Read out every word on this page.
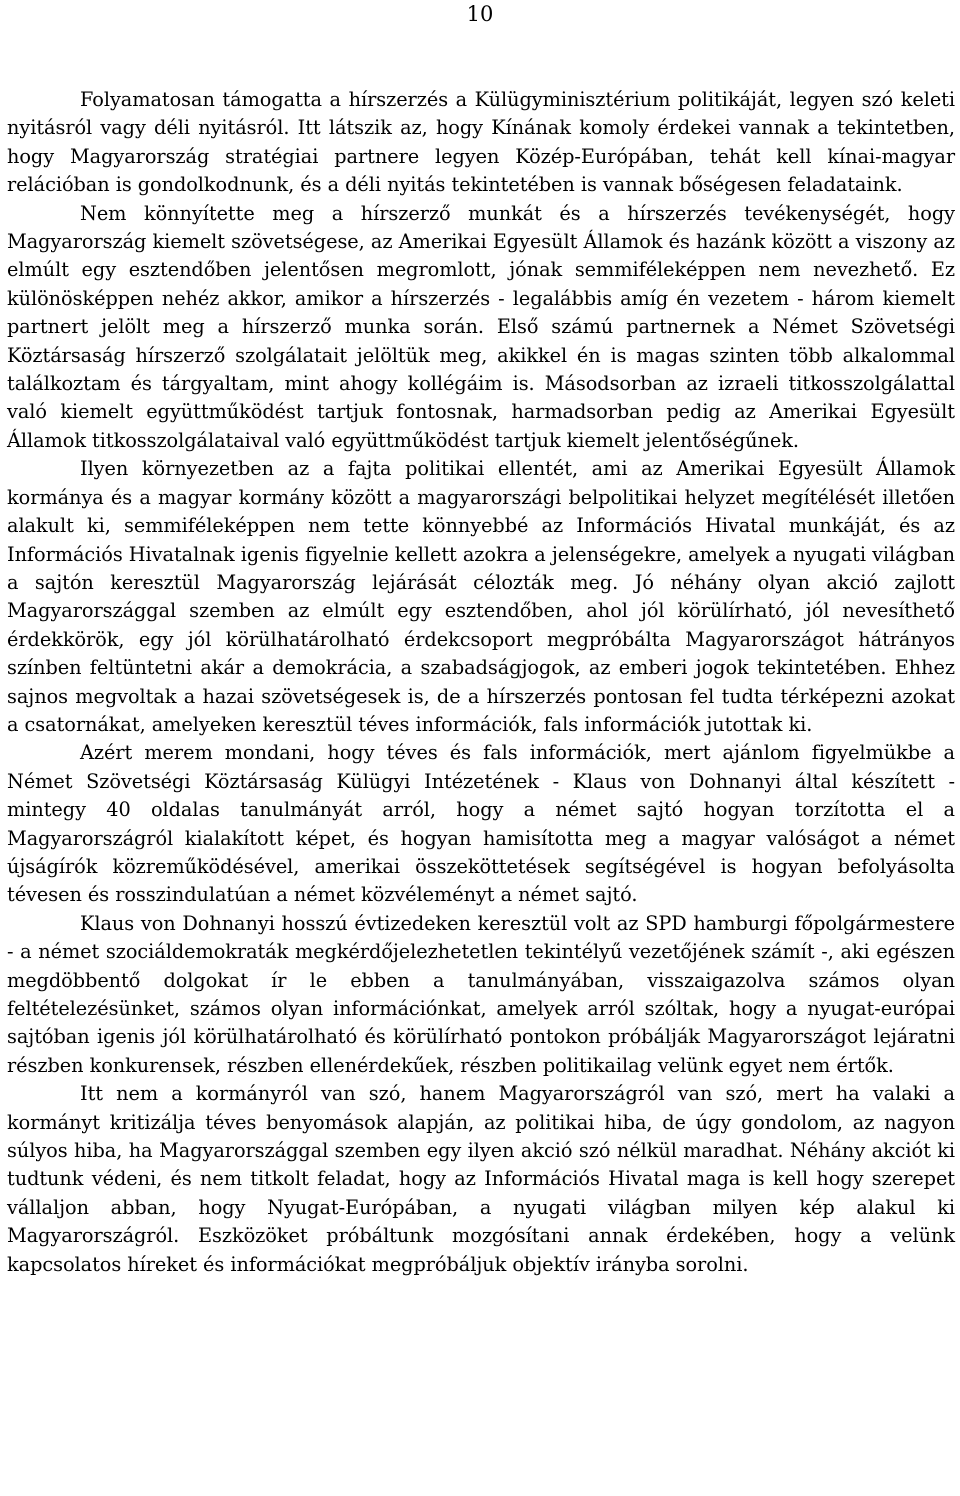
10

Folyamatosan támogatta a hírszerzés a Külügyminisztérium politikáját, legyen szó keleti nyitásról vagy déli nyitásról. Itt látszik az, hogy Kínának komoly érdekei vannak a tekintetben, hogy Magyarország stratégiai partnere legyen Közép-Európában, tehát kell kínai-magyar relációban is gondolkodnunk, és a déli nyitás tekintetében is vannak bőségesen feladataink.

Nem könnyítette meg a hírszerző munkát és a hírszerzés tevékenységét, hogy Magyarország kiemelt szövetségese, az Amerikai Egyesült Államok és hazánk között a viszony az elmúlt egy esztendőben jelentősen megromlott, jónak semmiféleképpen nem nevezhető. Ez különösképpen nehéz akkor, amikor a hírszerzés - legalábbis amíg én vezetem - három kiemelt partnert jelölt meg a hírszerző munka során. Első számú partnernek a Német Szövetségi Köztársaság hírszerző szolgálatait jelöltük meg, akikkel én is magas szinten több alkalommal találkoztam és tárgyaltam, mint ahogy kollégáim is. Másodsorban az izraeli titkosszolgálattal való kiemelt együttműködést tartjuk fontosnak, harmadsorban pedig az Amerikai Egyesült Államok titkosszolgálataival való együttműködést tartjuk kiemelt jelentőségűnek.

Ilyen környezetben az a fajta politikai ellentét, ami az Amerikai Egyesült Államok kormánya és a magyar kormány között a magyarországi belpolitikai helyzet megítélését illetően alakult ki, semmiféleképpen nem tette könnyebbé az Információs Hivatal munkáját, és az Információs Hivatalnak igenis figyelnie kellett azokra a jelenségekre, amelyek a nyugati világban a sajtón keresztül Magyarország lejárását célozták meg. Jó néhány olyan akció zajlott Magyarországgal szemben az elmúlt egy esztendőben, ahol jól körülírható, jól nevesíthető érdekkörök, egy jól körülhatárolható érdekcsoport megpróbálta Magyarországot hátrányos színben feltüntetni akár a demokrácia, a szabadságjogok, az emberi jogok tekintetében. Ehhez sajnos megvoltak a hazai szövetségesek is, de a hírszerzés pontosan fel tudta térképezni azokat a csatornákat, amelyeken keresztül téves információk, fals információk jutottak ki.

Azért merem mondani, hogy téves és fals információk, mert ajánlom figyelmükbe a Német Szövetségi Köztársaság Külügyi Intézetének - Klaus von Dohnanyi által készített - mintegy 40 oldalas tanulmányát arról, hogy a német sajtó hogyan torzította el a Magyarországról kialakított képet, és hogyan hamisította meg a magyar valóságot a német újságírók közreműködésével, amerikai összeköttetések segítségével is hogyan befolyásolta tévesen és rosszindulatúan a német közvéleményt a német sajtó.

Klaus von Dohnanyi hosszú évtizedeken keresztül volt az SPD hamburgi főpolgármestere - a német szociáldemokraták megkérdőjelezhetetlen tekintélyű vezetőjének számít -, aki egészen megdöbbentő dolgokat ír le ebben a tanulmányában, visszaigazolva számos olyan feltételezésünket, számos olyan információnkat, amelyek arról szóltak, hogy a nyugat-európai sajtóban igenis jól körülhatárolható és körülírható pontokon próbálják Magyarországot lejáratni részben konkurensek, részben ellenérdekűek, részben politikailag velünk egyet nem értők.

Itt nem a kormányról van szó, hanem Magyarországról van szó, mert ha valaki a kormányt kritizálja téves benyomások alapján, az politikai hiba, de úgy gondolom, az nagyon súlyos hiba, ha Magyarországgal szemben egy ilyen akció szó nélkül maradhat. Néhány akciót ki tudtunk védeni, és nem titkolt feladat, hogy az Információs Hivatal maga is kell hogy szerepet vállaljon abban, hogy Nyugat-Európában, a nyugati világban milyen kép alakul ki Magyarországról. Eszközöket próbáltunk mozgósítani annak érdekében, hogy a velünk kapcsolatos híreket és információkat megpróbáljuk objektív irányba sorolni.
